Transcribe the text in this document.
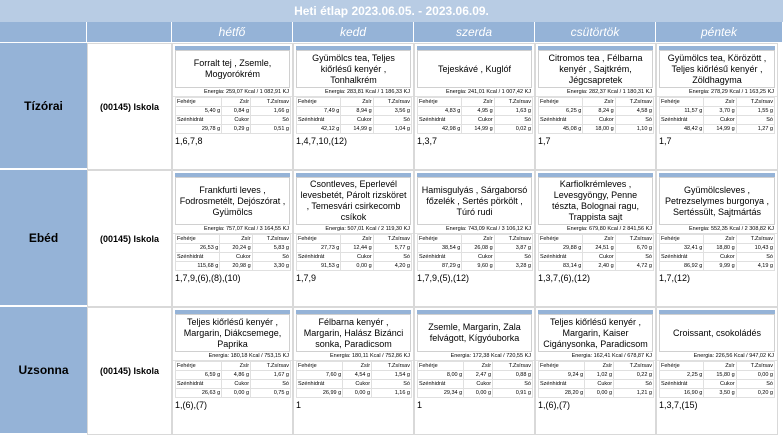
Heti étlap 2023.06.05. - 2023.06.09.
hétfő	kedd	szerda	csütörtök	péntek
Tízórai	(00145) Iskola
Forralt tej , Zsemle, Mogyorókrém
Energia: 259,07 Kcal / 1 082,91 KJ
Fehérje	Zsír	T.Zsírsav
5,40 g	0,84 g	1,66 g
Szénhidrát	Cukor	Só
29,78 g	0,29 g	0,51 g
1,6,7,8
Gyümölcs tea, Teljes kiőrlésű kenyér , Tonhalkrém
Energia: 283,81 Kcal / 1 186,33 KJ
Fehérje	Zsír	T.Zsírsav
7,49 g	8,94 g	3,56 g
Szénhidrát	Cukor	Só
42,12 g	14,99 g	1,04 g
1,4,7,10,(12)
Tejeskávé , Kuglóf
Energia: 241,01 Kcal / 1 007,42 KJ
Fehérje	Zsír	T.Zsírsav
4,83 g	4,95 g	1,63 g
Szénhidrát	Cukor	Só
42,98 g	14,99 g	0,02 g
1,3,7
Citromos tea , Félbarna kenyér , Sajtkrém, Jégcsapretek
Energia: 282,37 Kcal / 1 180,31 KJ
Fehérje	Zsír	T.Zsírsav
6,25 g	8,24 g	4,58 g
Szénhidrát	Cukor	Só
45,08 g	18,00 g	1,10 g
1,7
Gyümölcs tea, Körözött , Teljes kiőrlésű kenyér , Zöldhagyma
Energia: 278,29 Kcal / 1 163,25 KJ
Fehérje	Zsír	T.Zsírsav
11,57 g	3,70 g	1,55 g
Szénhidrát	Cukor	Só
48,42 g	14,99 g	1,27 g
1,7
Ebéd	(00145) Iskola
Frankfurti leves , Fodrosmetélt, Dejószórat , Gyümölcs
Energia: 757,07 Kcal / 3 164,55 KJ
Fehérje	Zsír	T.Zsírsav
26,53 g	20,24 g	5,83 g
Szénhidrát	Cukor	Só
115,68 g	20,98 g	3,30 g
1,7,9,(6),(8),(10)
Csontleves, Eperlevél levesbetét, Párolt rizsköret , Temesvári csirkecomb csíkok
Energia: 507,01 Kcal / 2 119,30 KJ
Fehérje	Zsír	T.Zsírsav
27,73 g	12,44 g	5,77 g
Szénhidrát	Cukor	Só
91,53 g	0,00 g	4,20 g
1,7,9
Hamisgulyás , Sárgaborsó főzelék , Sertés pörkölt , Túró rudi
Energia: 743,09 Kcal / 3 106,12 KJ
Fehérje	Zsír	T.Zsírsav
38,54 g	26,08 g	3,87 g
Szénhidrát	Cukor	Só
87,29 g	9,60 g	3,28 g
1,7,9,(5),(12)
Karfiolkrémleves , Levesgyöngy, Penne tészta, Bolognai ragu, Trappista sajt
Energia: 679,80 Kcal / 2 841,56 KJ
Fehérje	Zsír	T.Zsírsav
29,88 g	24,51 g	6,70 g
Szénhidrát	Cukor	Só
83,14 g	2,40 g	4,72 g
1,3,7,(6),(12)
Gyümölcsleves , Petrezselymes burgonya , Sertéssült, Sajtmártás
Energia: 552,35 Kcal / 2 308,82 KJ
Fehérje	Zsír	T.Zsírsav
32,41 g	18,80 g	10,43 g
Szénhidrát	Cukor	Só
86,92 g	9,99 g	4,19 g
1,7,(12)
Uzsonna	(00145) Iskola
Teljes kiőrlésű kenyér , Margarin, Diákcsemege, Paprika
Energia: 180,18 Kcal / 753,15 KJ
Fehérje	Zsír	T.Zsírsav
6,59 g	4,86 g	1,67 g
Szénhidrát	Cukor	Só
26,63 g	0,00 g	0,75 g
1,(6),(7)
Félbarna kenyér , Margarin, Halász Bizánci sonka, Paradicsom
Energia: 180,11 Kcal / 752,86 KJ
Fehérje	Zsír	T.Zsírsav
7,60 g	4,54 g	1,54 g
Szénhidrát	Cukor	Só
26,99 g	0,00 g	1,16 g
1
Zsemle, Margarin, Zala felvágott, Kígyóuborka
Energia: 172,38 Kcal / 720,55 KJ
Fehérje	Zsír	T.Zsírsav
8,00 g	2,47 g	0,88 g
Szénhidrát	Cukor	Só
29,34 g	0,00 g	0,91 g
1
Teljes kiőrlésű kenyér , Margarin, Kaiser Cigánysonka, Paradicsom
Energia: 162,41 Kcal / 678,87 KJ
Fehérje	Zsír	T.Zsírsav
9,24 g	1,02 g	0,22 g
Szénhidrát	Cukor	Só
28,20 g	0,00 g	1,21 g
1,(6),(7)
Croissant, csokoládés
Energia: 226,56 Kcal / 947,02 KJ
Fehérje	Zsír	T.Zsírsav
2,25 g	15,80 g	0,00 g
Szénhidrát	Cukor	Só
16,90 g	3,50 g	0,20 g
1,3,7,(15)
